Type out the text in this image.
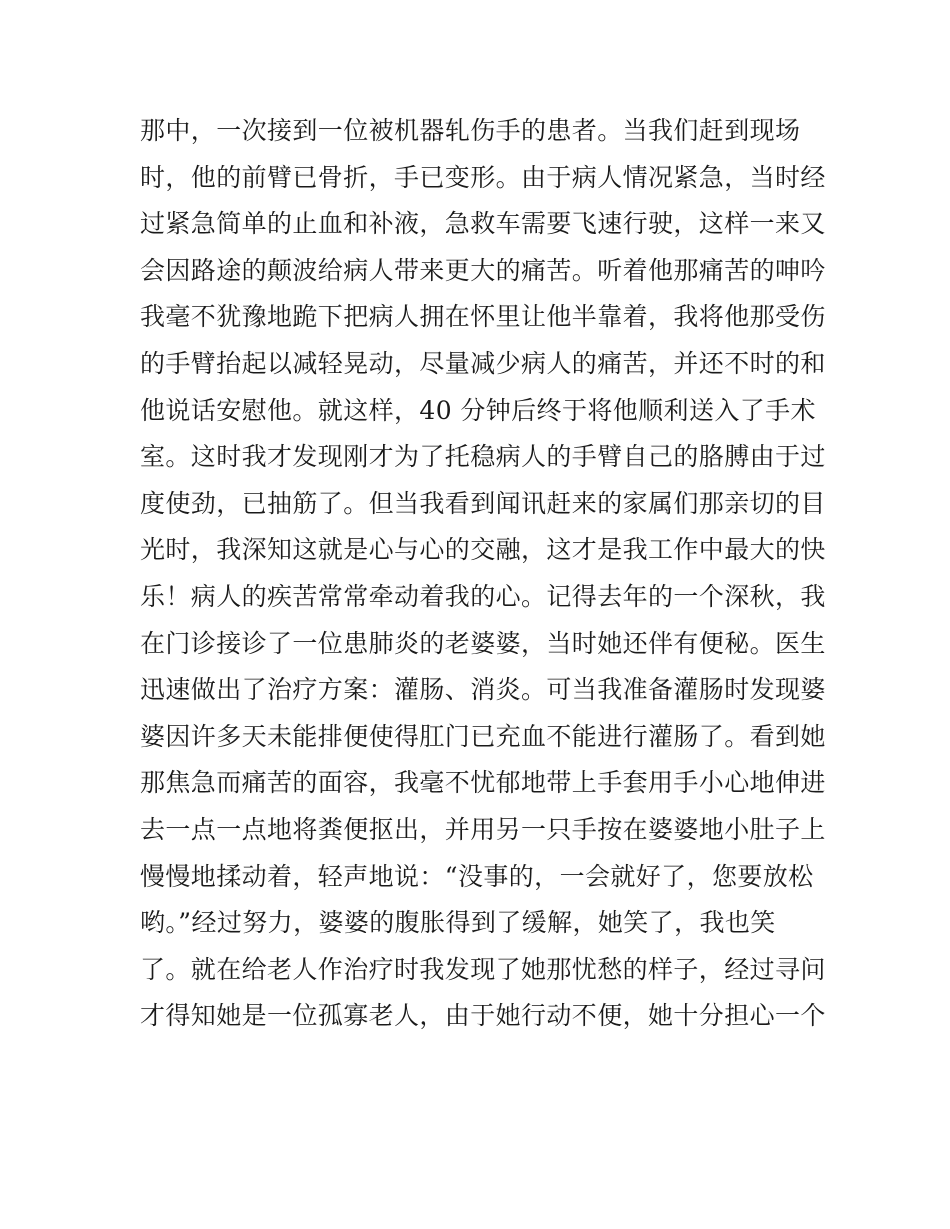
那中，一次接到一位被机器轧伤手的患者。当我们赶到现场
时，他的前臂已骨折，手已变形。由于病人情况紧急，当时经
过紧急简单的止血和补液，急救车需要飞速行驶，这样一来又
会因路途的颠波给病人带来更大的痛苦。听着他那痛苦的呻吟
我毫不犹豫地跪下把病人拥在怀里让他半靠着，我将他那受伤
的手臂抬起以减轻晃动，尽量减少病人的痛苦，并还不时的和
他说话安慰他。就这样，40 分钟后终于将他顺利送入了手术
室。这时我才发现刚才为了托稳病人的手臂自己的胳膊由于过
度使劲，已抽筋了。但当我看到闻讯赶来的家属们那亲切的目
光时，我深知这就是心与心的交融，这才是我工作中最大的快
乐！病人的疾苦常常牵动着我的心。记得去年的一个深秋，我
在门诊接诊了一位患肺炎的老婆婆，当时她还伴有便秘。医生
迅速做出了治疗方案：灌肠、消炎。可当我准备灌肠时发现婆
婆因许多天未能排便使得肛门已充血不能进行灌肠了。看到她
那焦急而痛苦的面容，我毫不忧郁地带上手套用手小心地伸进
去一点一点地将粪便抠出，并用另一只手按在婆婆地小肚子上
慢慢地揉动着，轻声地说：“没事的，一会就好了，您要放松
哟。”经过努力，婆婆的腹胀得到了缓解，她笑了，我也笑
了。就在给老人作治疗时我发现了她那忧愁的样子，经过寻问
才得知她是一位孤寡老人，由于她行动不便，她十分担心一个
